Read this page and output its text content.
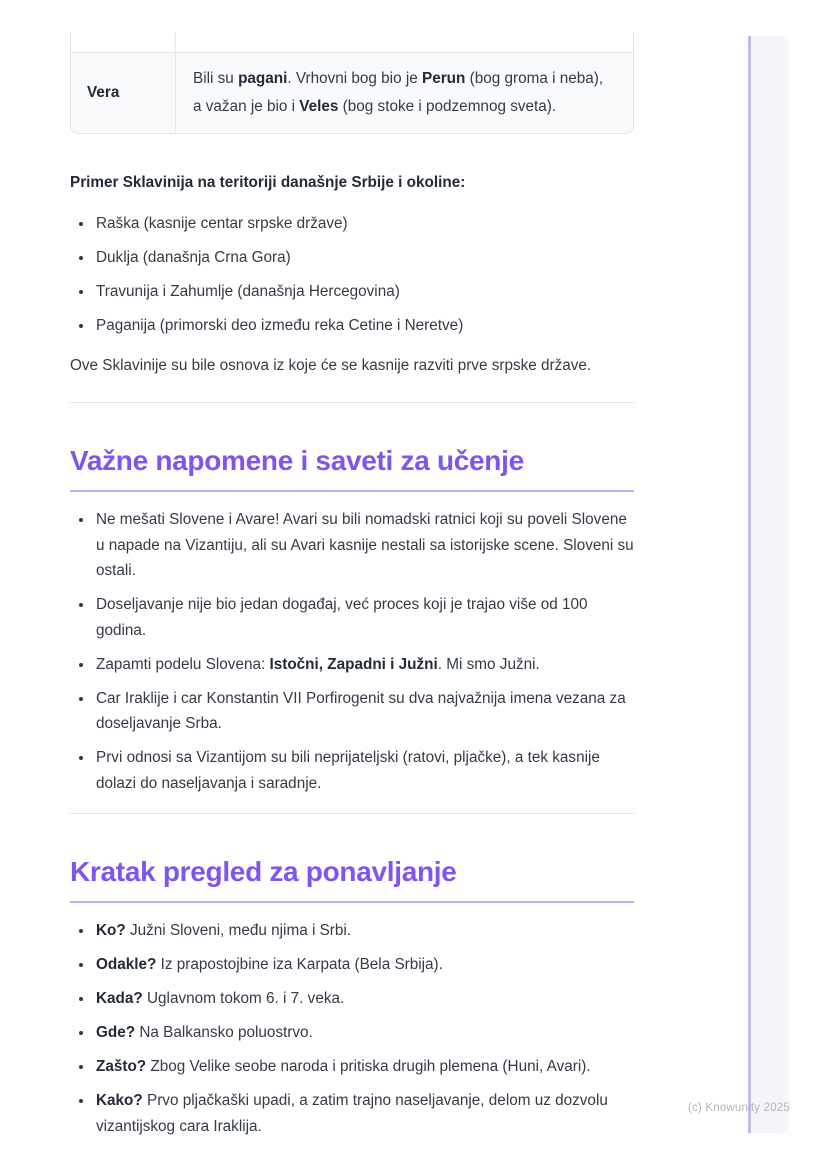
Vera
Bili su pagani. Vrhovni bog bio je Perun (bog groma i neba), a važan je bio i Veles (bog stoke i podzemnog sveta).

Primer Sklavinija na teritoriji današnje Srbije i okoline:

• Raška (kasnije centar srpske države)
• Duklja (današnja Crna Gora)
• Travunija i Zahumlje (današnja Hercegovina)
• Paganija (primorski deo između reka Cetine i Neretve)

Ove Sklavinije su bile osnova iz koje će se kasnije razviti prve srpske države.

Važne napomene i saveti za učenje
• Ne mešati Slovene i Avare! Avari su bili nomadski ratnici koji su poveli Slovene u napade na Vizantiju, ali su Avari kasnije nestali sa istorijske scene. Sloveni su ostali.
• Doseljavanje nije bio jedan događaj, već proces koji je trajao više od 100 godina.
• Zapamti podelu Slovena: Istočni, Zapadni i Južni. Mi smo Južni.
• Car Iraklije i car Konstantin VII Porfirogenit su dva najvažnija imena vezana za doseljavanje Srba.
• Prvi odnosi sa Vizantijom su bili neprijateljski (ratovi, pljačke), a tek kasnije dolazi do naseljavanja i saradnje.
Kratak pregled za ponavljanje
• Ko? Južni Sloveni, među njima i Srbi.
• Odakle? Iz prapostojbine iza Karpata (Bela Srbija).
• Kada? Uglavnom tokom 6. i 7. veka.
• Gde? Na Balkansko poluostrvo.
• Zašto? Zbog Velike seobe naroda i pritiska drugih plemena (Huni, Avari).
• Kako? Prvo pljačkaški upadi, a zatim trajno naseljavanje, delom uz dozvolu vizantijskog cara Iraklija.
(c) Knowunity 2025
